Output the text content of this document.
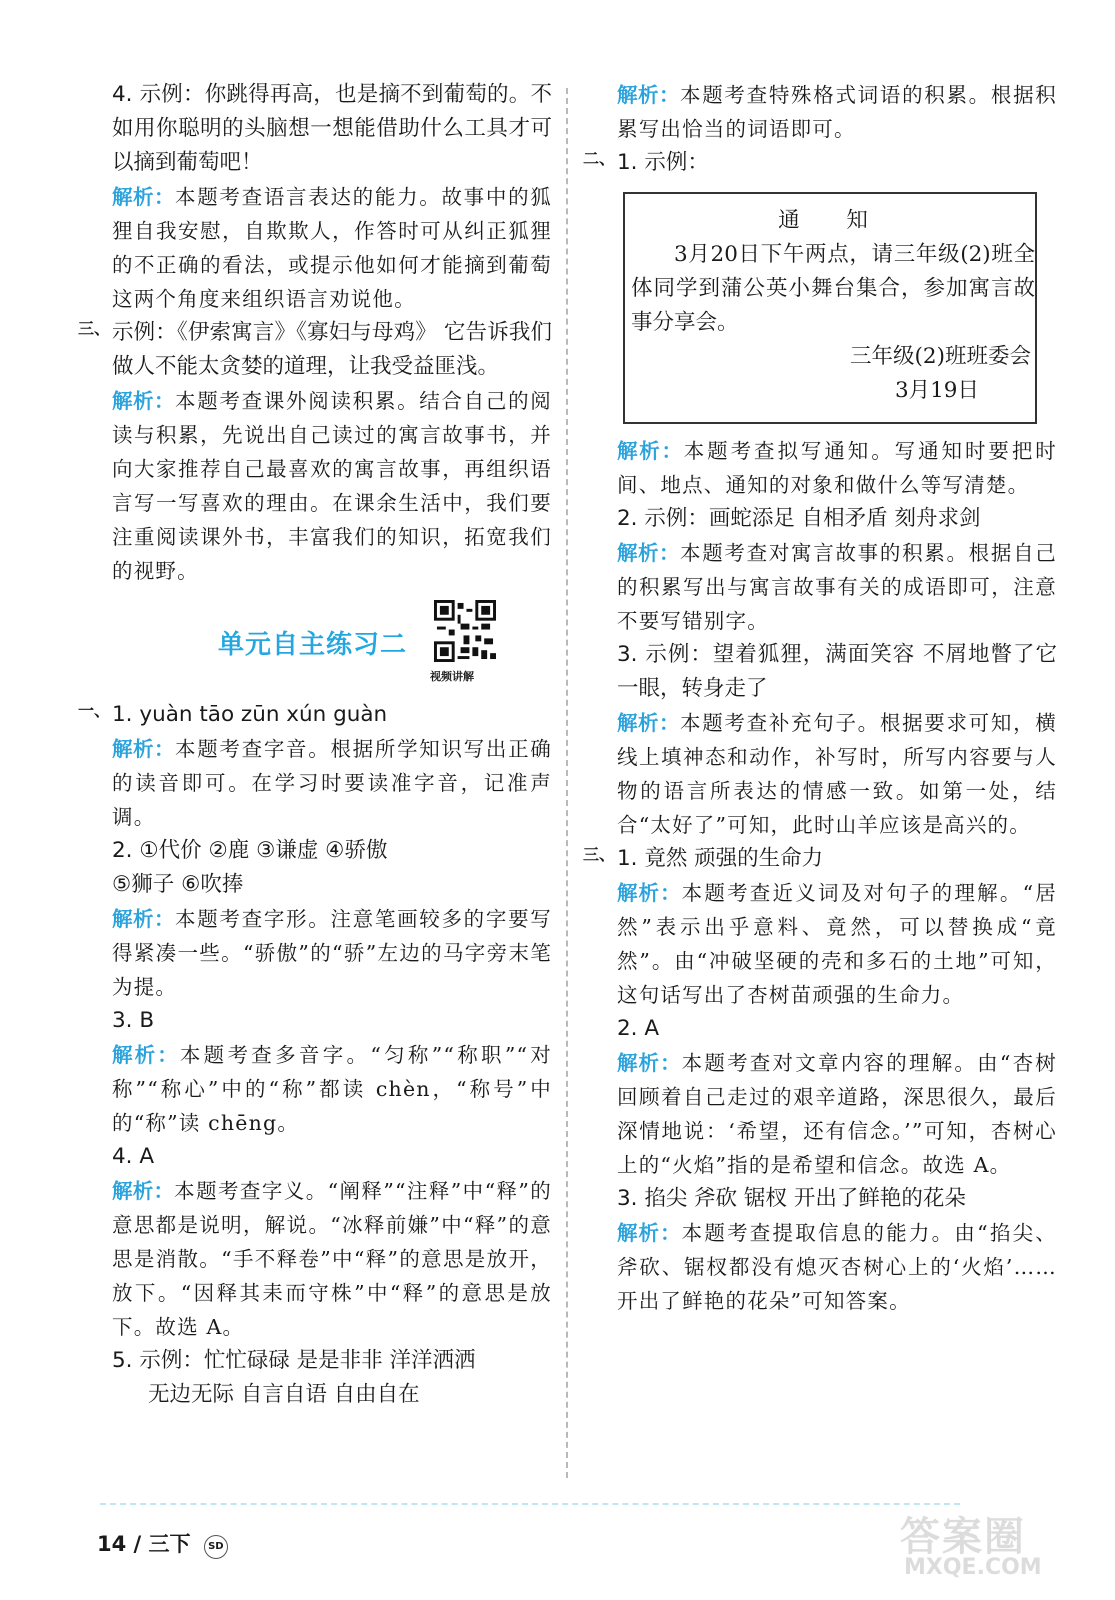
4. 示例：你跳得再高，也是摘不到葡萄的。不如用你聪明的头脑想一想能借助什么工具才可以摘到葡萄吧！

解析：本题考查语言表达的能力。故事中的狐狸自我安慰，自欺欺人，作答时可从纠正狐狸的不正确的看法，或提示他如何才能摘到葡萄这两个角度来组织语言劝说他。

三、 示例：《伊索寓言》《寡妇与母鸡》 它告诉我们做人不能太贪婪的道理，让我受益匪浅。

解析：本题考查课外阅读积累。结合自己的阅读与积累，先说出自己读过的寓言故事书，并向大家推荐自己最喜欢的寓言故事，再组织语言写一写喜欢的理由。在课余生活中，我们要注重阅读课外书，丰富我们的知识，拓宽我们的视野。

单元自主练习二
视频讲解
一、 1. yuàn tāo zūn xún guàn

解析：本题考查字音。根据所学知识写出正确的读音即可。在学习时要读准字音，记准声调。

2. ①代价 ②鹿 ③谦虚 ④骄傲

⑤狮子 ⑥吹捧

解析：本题考查字形。注意笔画较多的字要写得紧凑一些。“骄傲”的“骄”左边的马字旁末笔为提。

3. B

解析：本题考查多音字。“匀称”“称职”“对称”“称心”中的“称”都读 chèn，“称号”中的“称”读 chēng。

4. A

解析：本题考查字义。“阐释”“注释”中“释”的意思都是说明，解说。“冰释前嫌”中“释”的意思是消散。“手不释卷”中“释”的意思是放开，放下。“因释其耒而守株”中“释”的意思是放下。故选 A。

5. 示例：忙忙碌碌 是是非非 洋洋洒洒

无边无际 自言自语 自由自在

解析：本题考查特殊格式词语的积累。根据积累写出恰当的词语即可。

二、 1. 示例：

通 知

3月20日下午两点，请三年级(2)班全体同学到蒲公英小舞台集合，参加寓言故事分享会。

三年级(2)班班委会

3月19日

解析：本题考查拟写通知。写通知时要把时间、地点、通知的对象和做什么等写清楚。

2. 示例：画蛇添足 自相矛盾 刻舟求剑

解析：本题考查对寓言故事的积累。根据自己的积累写出与寓言故事有关的成语即可，注意不要写错别字。

3. 示例：望着狐狸，满面笑容 不屑地瞥了它一眼，转身走了

解析：本题考查补充句子。根据要求可知，横线上填神态和动作，补写时，所写内容要与人物的语言所表达的情感一致。如第一处，结合“太好了”可知，此时山羊应该是高兴的。

三、 1. 竟然 顽强的生命力

解析：本题考查近义词及对句子的理解。“居然”表示出乎意料、竟然，可以替换成“竟然”。由“冲破坚硬的壳和多石的土地”可知，这句话写出了杏树苗顽强的生命力。

2. A

解析：本题考查对文章内容的理解。由“杏树回顾着自己走过的艰辛道路，深思很久，最后深情地说：‘希望，还有信念。’”可知，杏树心上的“火焰”指的是希望和信念。故选 A。

3. 掐尖 斧砍 锯杈 开出了鲜艳的花朵

解析：本题考查提取信息的能力。由“掐尖、斧砍、锯杈都没有熄灭杏树心上的‘火焰’……开出了鲜艳的花朵”可知答案。

14 / 三下 SD	答案圈
MXQE.COM
